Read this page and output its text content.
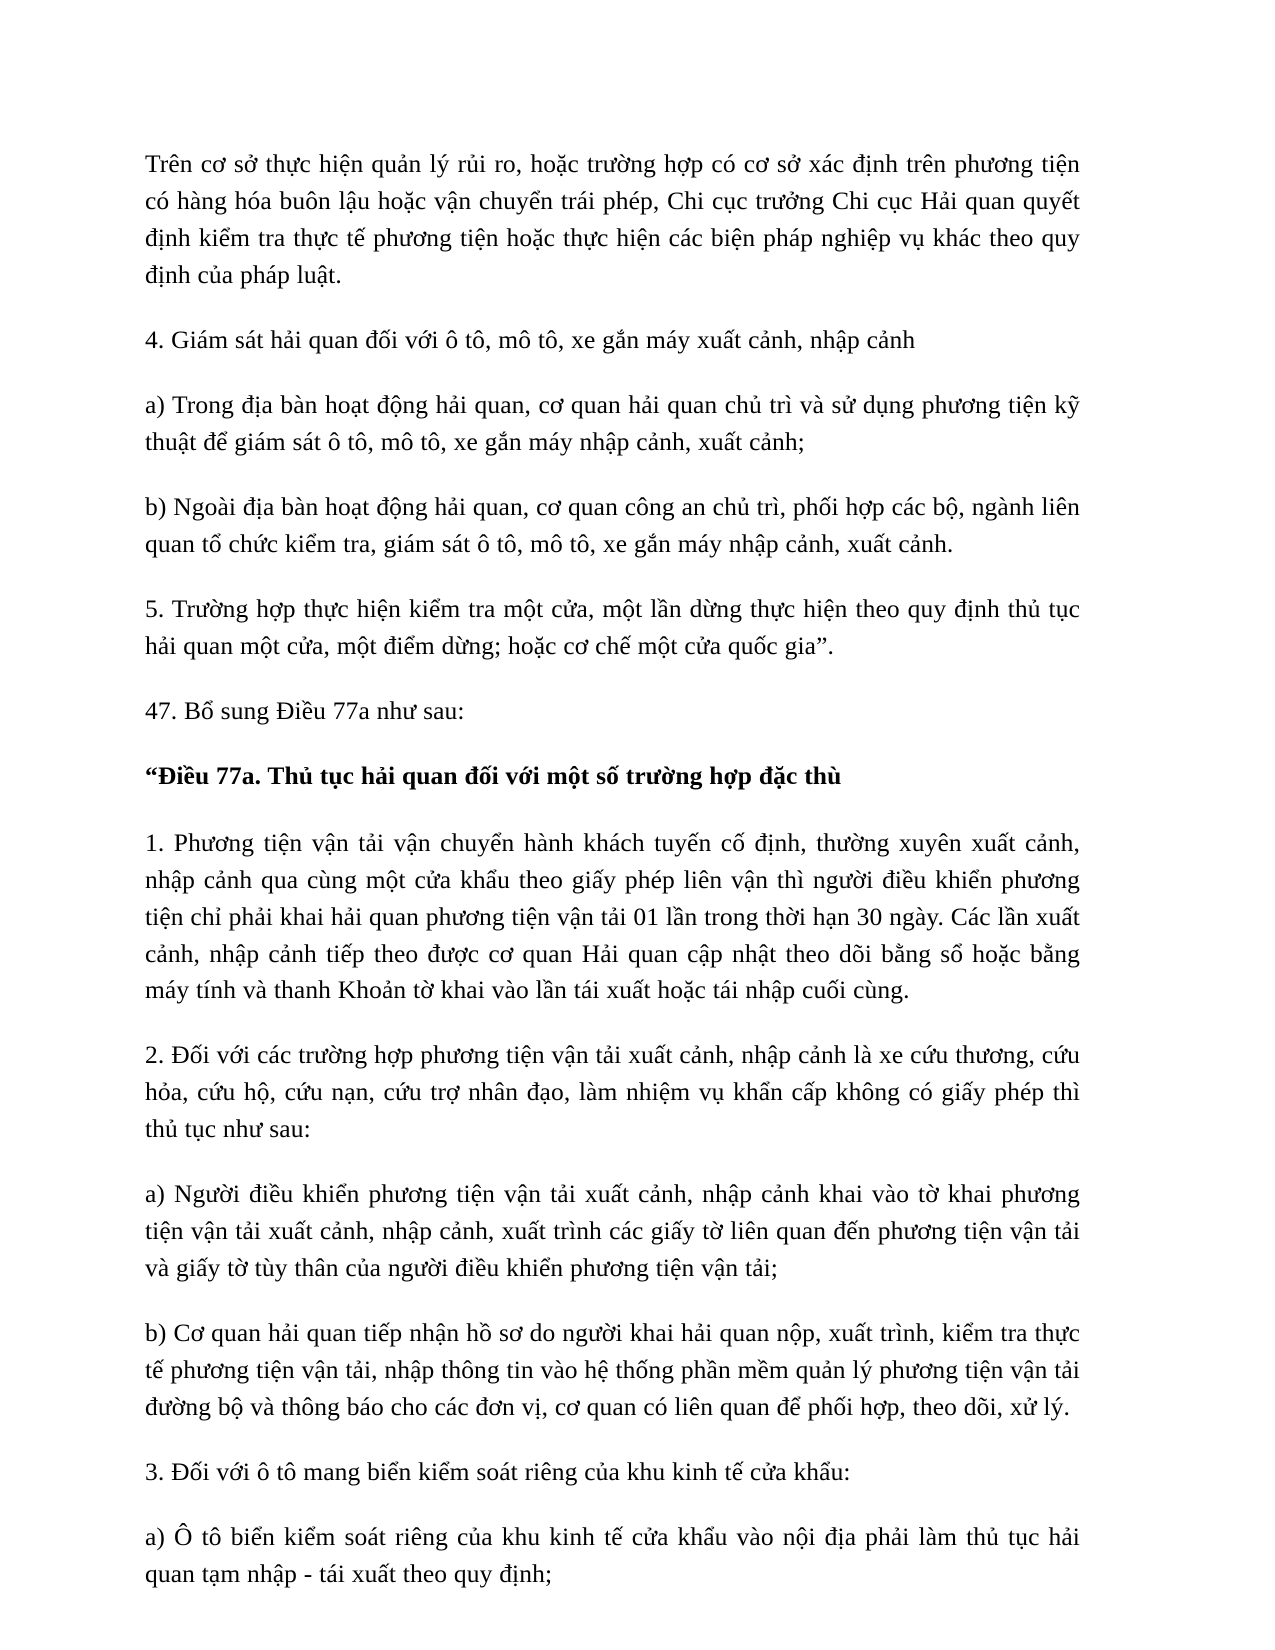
Trên cơ sở thực hiện quản lý rủi ro, hoặc trường hợp có cơ sở xác định trên phương tiện có hàng hóa buôn lậu hoặc vận chuyển trái phép, Chi cục trưởng Chi cục Hải quan quyết định kiểm tra thực tế phương tiện hoặc thực hiện các biện pháp nghiệp vụ khác theo quy định của pháp luật.

4. Giám sát hải quan đối với ô tô, mô tô, xe gắn máy xuất cảnh, nhập cảnh

a) Trong địa bàn hoạt động hải quan, cơ quan hải quan chủ trì và sử dụng phương tiện kỹ thuật để giám sát ô tô, mô tô, xe gắn máy nhập cảnh, xuất cảnh;

b) Ngoài địa bàn hoạt động hải quan, cơ quan công an chủ trì, phối hợp các bộ, ngành liên quan tổ chức kiểm tra, giám sát ô tô, mô tô, xe gắn máy nhập cảnh, xuất cảnh.

5. Trường hợp thực hiện kiểm tra một cửa, một lần dừng thực hiện theo quy định thủ tục hải quan một cửa, một điểm dừng; hoặc cơ chế một cửa quốc gia”.

47. Bổ sung Điều 77a như sau:

“Điều 77a. Thủ tục hải quan đối với một số trường hợp đặc thù

1. Phương tiện vận tải vận chuyển hành khách tuyến cố định, thường xuyên xuất cảnh, nhập cảnh qua cùng một cửa khẩu theo giấy phép liên vận thì người điều khiển phương tiện chỉ phải khai hải quan phương tiện vận tải 01 lần trong thời hạn 30 ngày. Các lần xuất cảnh, nhập cảnh tiếp theo được cơ quan Hải quan cập nhật theo dõi bằng sổ hoặc bằng máy tính và thanh Khoản tờ khai vào lần tái xuất hoặc tái nhập cuối cùng.

2. Đối với các trường hợp phương tiện vận tải xuất cảnh, nhập cảnh là xe cứu thương, cứu hỏa, cứu hộ, cứu nạn, cứu trợ nhân đạo, làm nhiệm vụ khẩn cấp không có giấy phép thì thủ tục như sau:

a) Người điều khiển phương tiện vận tải xuất cảnh, nhập cảnh khai vào tờ khai phương tiện vận tải xuất cảnh, nhập cảnh, xuất trình các giấy tờ liên quan đến phương tiện vận tải và giấy tờ tùy thân của người điều khiển phương tiện vận tải;

b) Cơ quan hải quan tiếp nhận hồ sơ do người khai hải quan nộp, xuất trình, kiểm tra thực tế phương tiện vận tải, nhập thông tin vào hệ thống phần mềm quản lý phương tiện vận tải đường bộ và thông báo cho các đơn vị, cơ quan có liên quan để phối hợp, theo dõi, xử lý.

3. Đối với ô tô mang biển kiểm soát riêng của khu kinh tế cửa khẩu:

a) Ô tô biển kiểm soát riêng của khu kinh tế cửa khẩu vào nội địa phải làm thủ tục hải quan tạm nhập - tái xuất theo quy định;
